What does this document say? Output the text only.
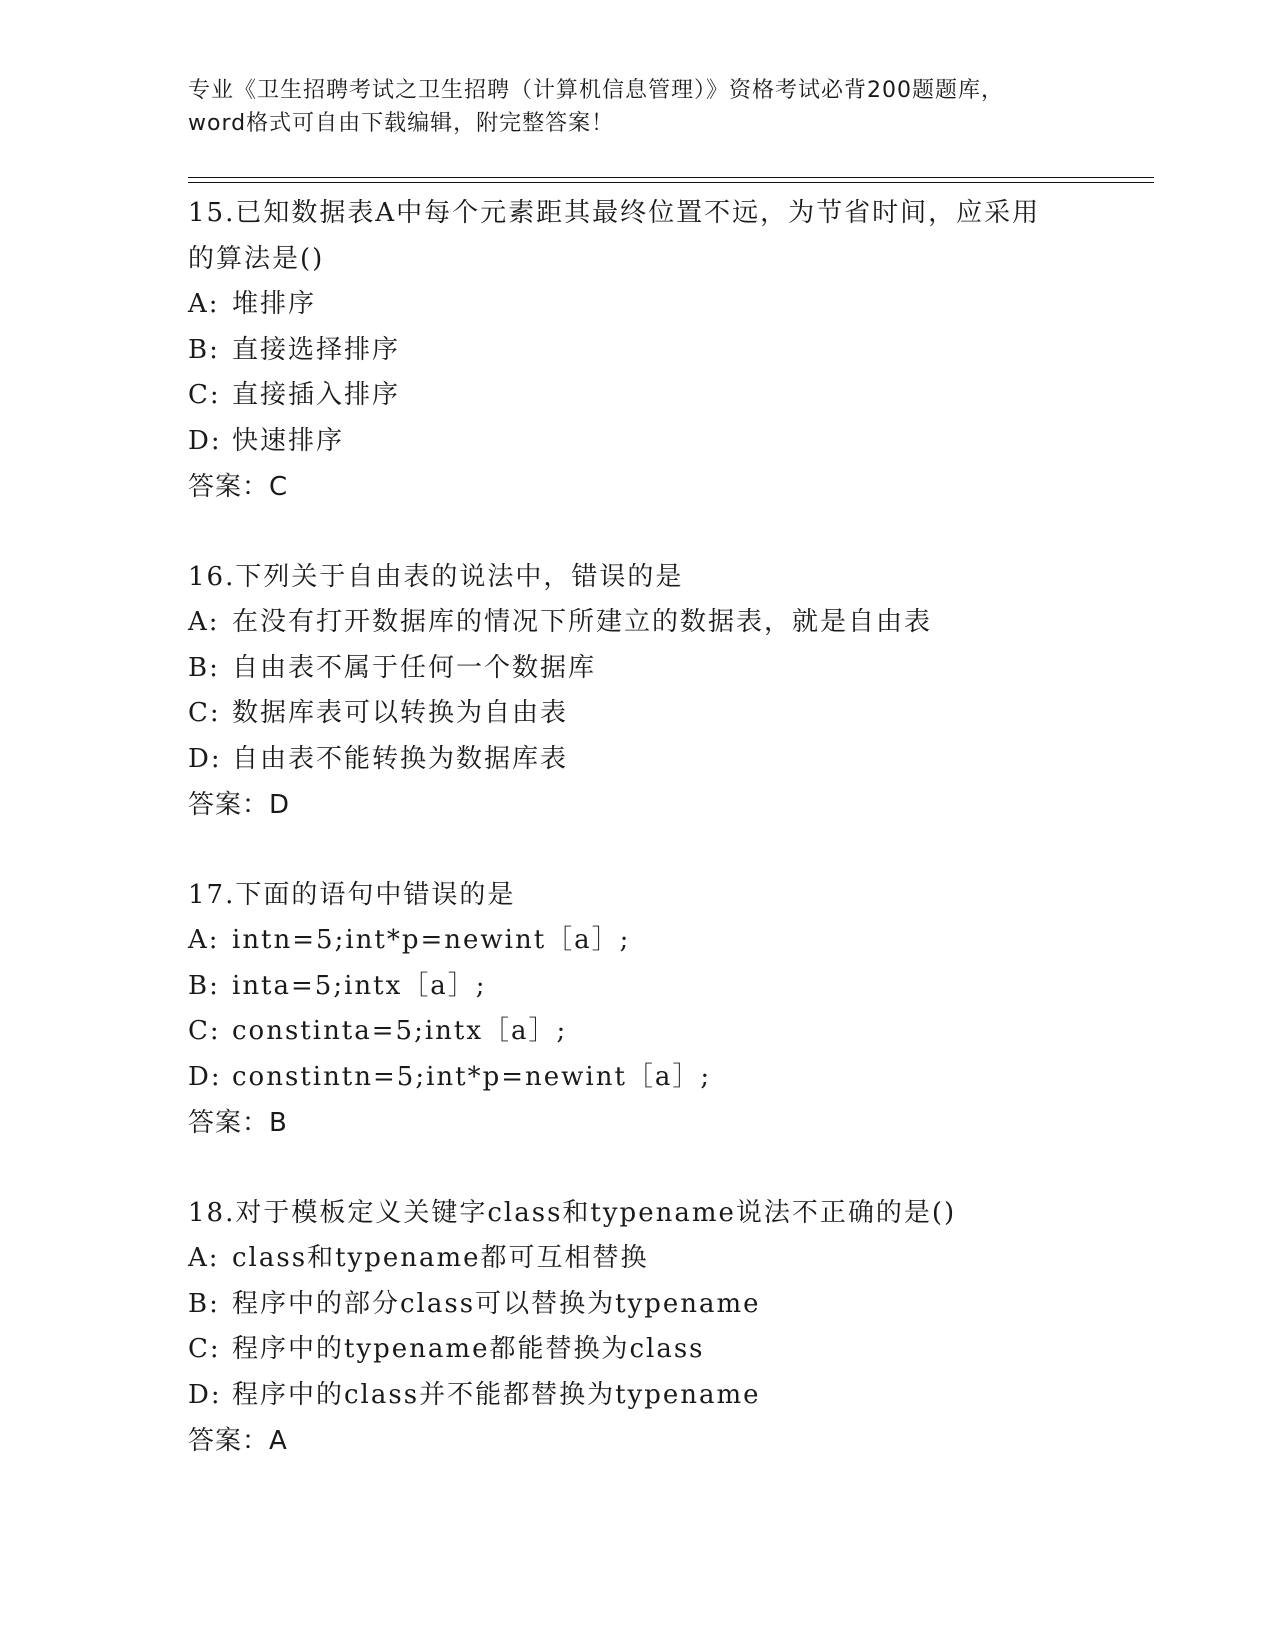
专业《卫生招聘考试之卫生招聘（计算机信息管理）》资格考试必背200题题库，
word格式可自由下载编辑，附完整答案！
15.已知数据表A中每个元素距其最终位置不远，为节省时间，应采用
的算法是()
A: 堆排序
B: 直接选择排序
C: 直接插入排序
D: 快速排序
答案：C
16.下列关于自由表的说法中，错误的是
A: 在没有打开数据库的情况下所建立的数据表，就是自由表
B: 自由表不属于任何一个数据库
C: 数据库表可以转换为自由表
D: 自由表不能转换为数据库表
答案：D
17.下面的语句中错误的是
A: intn=5;int*p=newint［a］;
B: inta=5;intx［a］;
C: constinta=5;intx［a］;
D: constintn=5;int*p=newint［a］;
答案：B
18.对于模板定义关键字class和typename说法不正确的是()
A: class和typename都可互相替换
B: 程序中的部分class可以替换为typename
C: 程序中的typename都能替换为class
D: 程序中的class并不能都替换为typename
答案：A
